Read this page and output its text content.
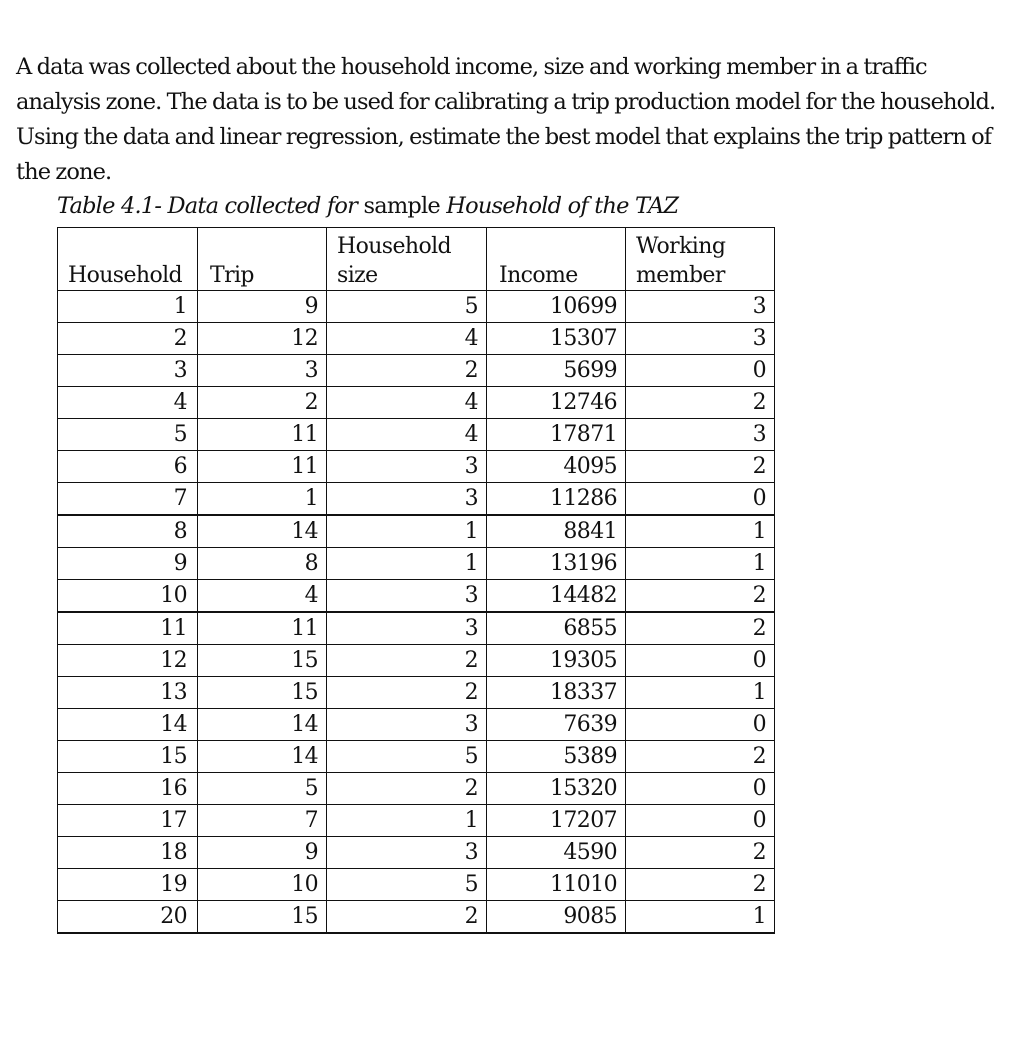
A data was collected about the household income, size and working member in a traffic analysis zone. The data is to be used for calibrating a trip production model for the household. Using the data and linear regression, estimate the best model that explains the trip pattern of the zone.

Table 4.1- Data collected for sample Household of the TAZ

Household	Trip	Household size	Income	Working member
1	9	5	10699	3
2	12	4	15307	3
3	3	2	5699	0
4	2	4	12746	2
5	11	4	17871	3
6	11	3	4095	2
7	1	3	11286	0
8	14	1	8841	1
9	8	1	13196	1
10	4	3	14482	2
11	11	3	6855	2
12	15	2	19305	0
13	15	2	18337	1
14	14	3	7639	0
15	14	5	5389	2
16	5	2	15320	0
17	7	1	17207	0
18	9	3	4590	2
19	10	5	11010	2
20	15	2	9085	1
